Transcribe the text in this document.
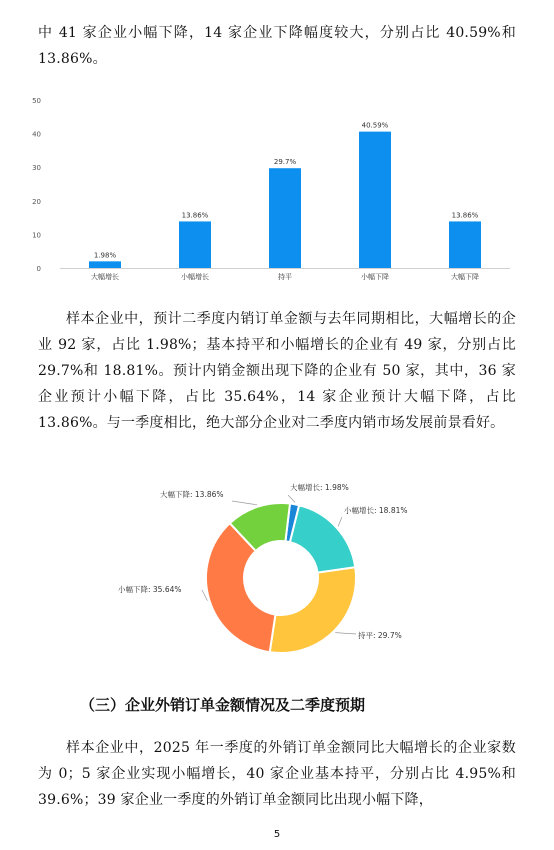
中 41 家企业小幅下降，14 家企业下降幅度较大，分别占比 40.59%和 13.86%。

0
10
20
30
40
50
1.98%
大幅增长
13.86%
小幅增长
29.7%
持平
40.59%
小幅下降
13.86%
大幅下降

样本企业中，预计二季度内销订单金额与去年同期相比，大幅增长的企业 92 家，占比 1.98%；基本持平和小幅增长的企业有 49 家，分别占比 29.7%和 18.81%。预计内销金额出现下降的企业有 50 家，其中，36 家企业预计小幅下降，占比 35.64%，14 家企业预计大幅下降，占比 13.86%。与一季度相比，绝大部分企业对二季度内销市场发展前景看好。

大幅增长: 1.98%
小幅增长: 18.81%
持平: 29.7%
小幅下降: 35.64%
大幅下降: 13.86%

（三）企业外销订单金额情况及二季度预期

样本企业中，2025 年一季度的外销订单金额同比大幅增长的企业家数为 0；5 家企业实现小幅增长，40 家企业基本持平，分别占比 4.95%和 39.6%；39 家企业一季度的外销订单金额同比出现小幅下降，

5
